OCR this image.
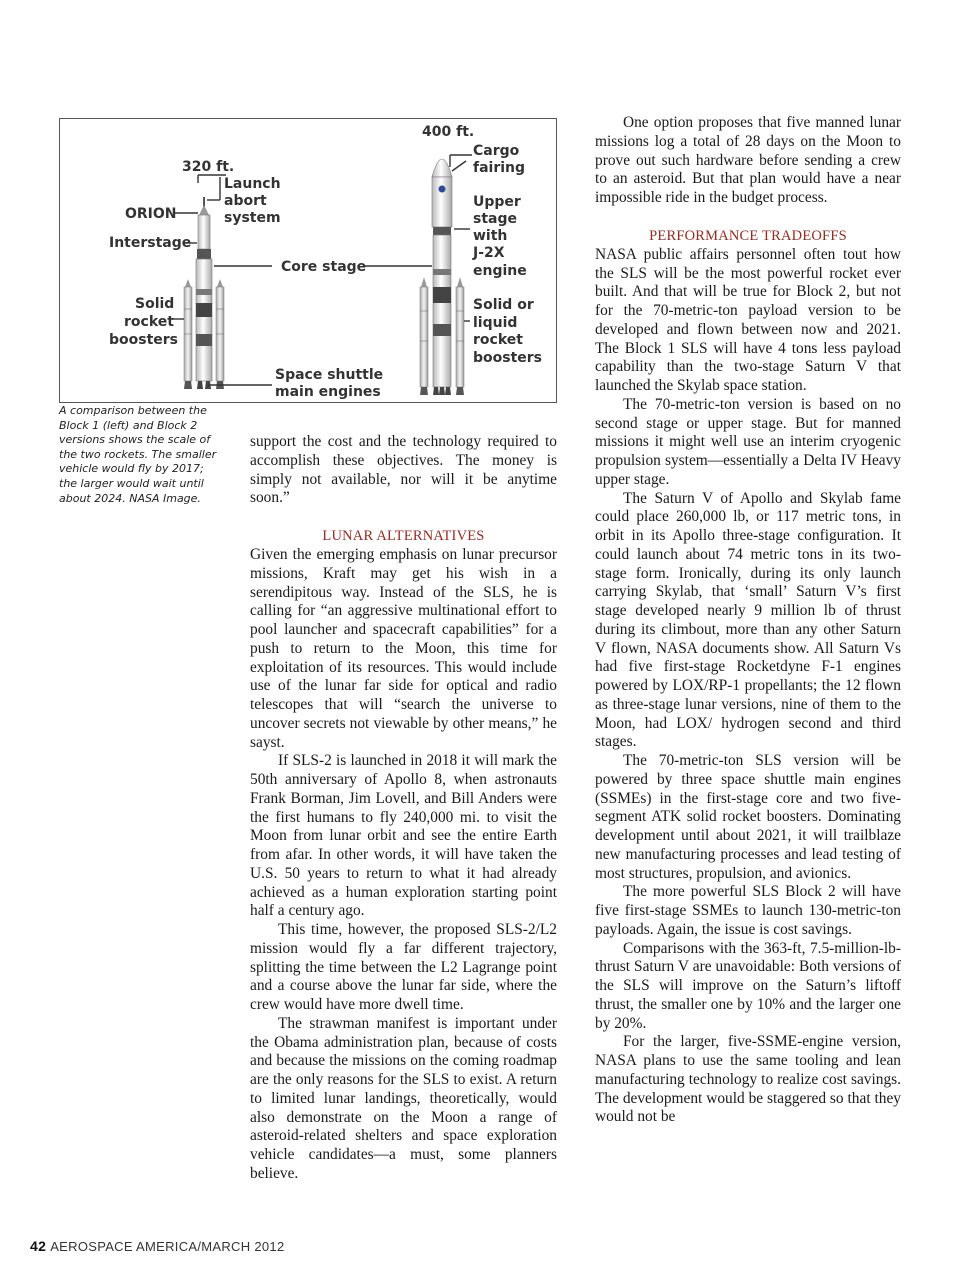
320 ft.
400 ft.
ORION
Interstage
Launch
abort
system
Core stage
Solid
rocket
boosters
Space shuttle
main engines
Cargo
fairing
Upper
stage
with
J-2X
engine
Solid or
liquid
rocket
boosters
A comparison between the Block 1 (left) and Block 2 versions shows the scale of the two rockets. The smaller vehicle would fly by 2017; the larger would wait until about 2024. NASA Image.

support the cost and the technology required to accomplish these objectives. The money is simply not available, nor will it be anytime soon.”

LUNAR ALTERNATIVES

Given the emerging emphasis on lunar precursor missions, Kraft may get his wish in a serendipitous way. Instead of the SLS, he is calling for “an aggressive multinational effort to pool launcher and spacecraft capabilities” for a push to return to the Moon, this time for exploitation of its resources. This would include use of the lunar far side for optical and radio telescopes that will “search the universe to uncover secrets not viewable by other means,” he sayst.

If SLS-2 is launched in 2018 it will mark the 50th anniversary of Apollo 8, when astronauts Frank Borman, Jim Lovell, and Bill Anders were the first humans to fly 240,000 mi. to visit the Moon from lunar orbit and see the entire Earth from afar. In other words, it will have taken the U.S. 50 years to return to what it had already achieved as a human exploration starting point half a century ago.

This time, however, the proposed SLS-2/L2 mission would fly a far different trajectory, splitting the time between the L2 Lagrange point and a course above the lunar far side, where the crew would have more dwell time.

The strawman manifest is important under the Obama administration plan, because of costs and because the missions on the coming roadmap are the only reasons for the SLS to exist. A return to limited lunar landings, theoretically, would also demonstrate on the Moon a range of asteroid-related shelters and space exploration vehicle candidates—a must, some planners believe.

One option proposes that five manned lunar missions log a total of 28 days on the Moon to prove out such hardware before sending a crew to an asteroid. But that plan would have a near impossible ride in the budget process.

PERFORMANCE TRADEOFFS

NASA public affairs personnel often tout how the SLS will be the most powerful rocket ever built. And that will be true for Block 2, but not for the 70-metric-ton payload version to be developed and flown between now and 2021. The Block 1 SLS will have 4 tons less payload capability than the two-stage Saturn V that launched the Skylab space station.

The 70-metric-ton version is based on no second stage or upper stage. But for manned missions it might well use an interim cryogenic propulsion system—essentially a Delta IV Heavy upper stage.

The Saturn V of Apollo and Skylab fame could place 260,000 lb, or 117 metric tons, in orbit in its Apollo three-stage configuration. It could launch about 74 metric tons in its two-stage form. Ironically, during its only launch carrying Skylab, that ‘small’ Saturn V’s first stage developed nearly 9 million lb of thrust during its climbout, more than any other Saturn V flown, NASA documents show. All Saturn Vs had five first-stage Rocketdyne F-1 engines powered by LOX/RP-1 propellants; the 12 flown as three-stage lunar versions, nine of them to the Moon, had LOX/ hydrogen second and third stages.

The 70-metric-ton SLS version will be powered by three space shuttle main engines (SSMEs) in the first-stage core and two five-segment ATK solid rocket boosters. Dominating development until about 2021, it will trailblaze new manufacturing processes and lead testing of most structures, propulsion, and avionics.

The more powerful SLS Block 2 will have five first-stage SSMEs to launch 130-metric-ton payloads. Again, the issue is cost savings.

Comparisons with the 363-ft, 7.5-million-lb-thrust Saturn V are unavoidable: Both versions of the SLS will improve on the Saturn’s liftoff thrust, the smaller one by 10% and the larger one by 20%.

For the larger, five-SSME-engine version, NASA plans to use the same tooling and lean manufacturing technology to realize cost savings. The development would be staggered so that they would not be

42 AEROSPACE AMERICA/MARCH 2012
